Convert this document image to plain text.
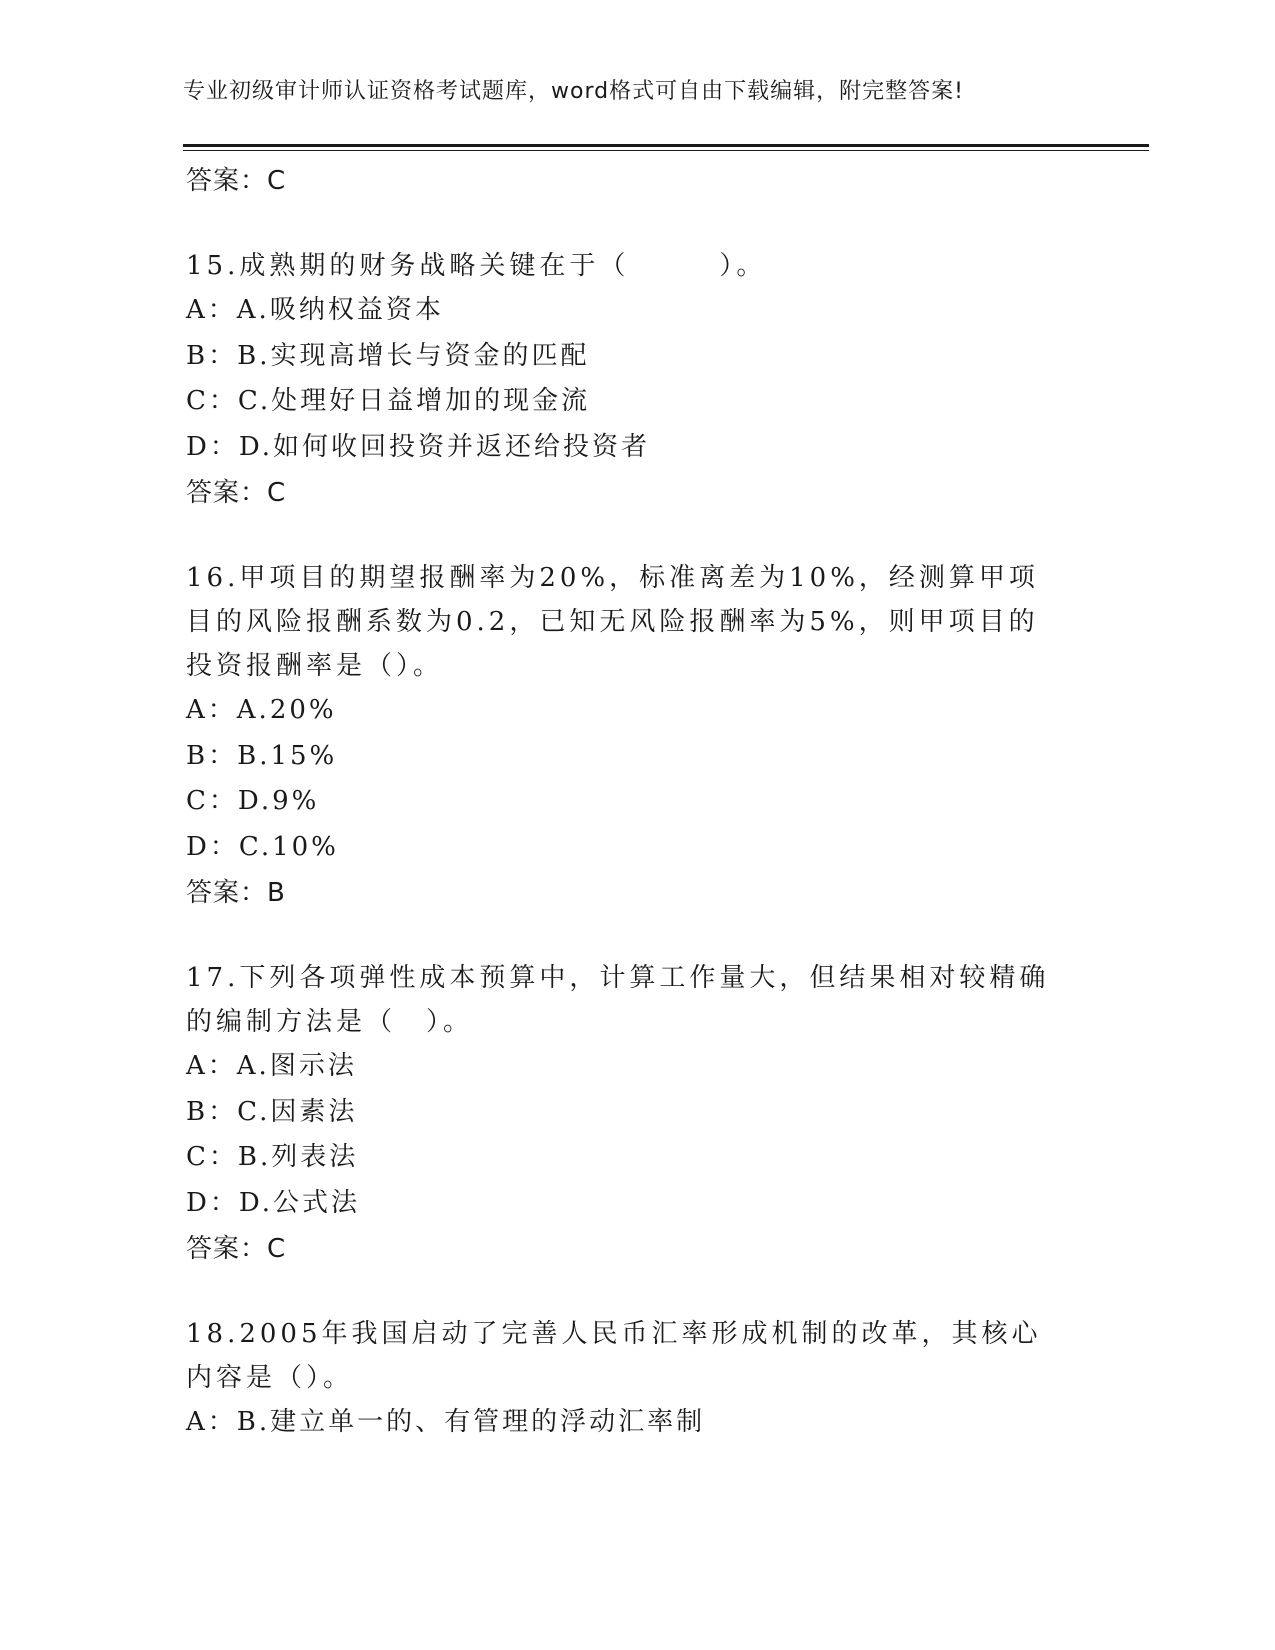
专业初级审计师认证资格考试题库，word格式可自由下载编辑，附完整答案!
答案：C
15.成熟期的财务战略关键在于（　　　）。
A：A.吸纳权益资本
B：B.实现高增长与资金的匹配
C：C.处理好日益增加的现金流
D：D.如何收回投资并返还给投资者
答案：C
16.甲项目的期望报酬率为20%，标准离差为10%，经测算甲项目的风险报酬系数为0.2，已知无风险报酬率为5%，则甲项目的投资报酬率是（）。
A：A.20%
B：B.15%
C：D.9%
D：C.10%
答案：B
17.下列各项弹性成本预算中，计算工作量大，但结果相对较精确的编制方法是（　）。
A：A.图示法
B：C.因素法
C：B.列表法
D：D.公式法
答案：C
18.2005年我国启动了完善人民币汇率形成机制的改革，其核心内容是（）。
A：B.建立单一的、有管理的浮动汇率制
